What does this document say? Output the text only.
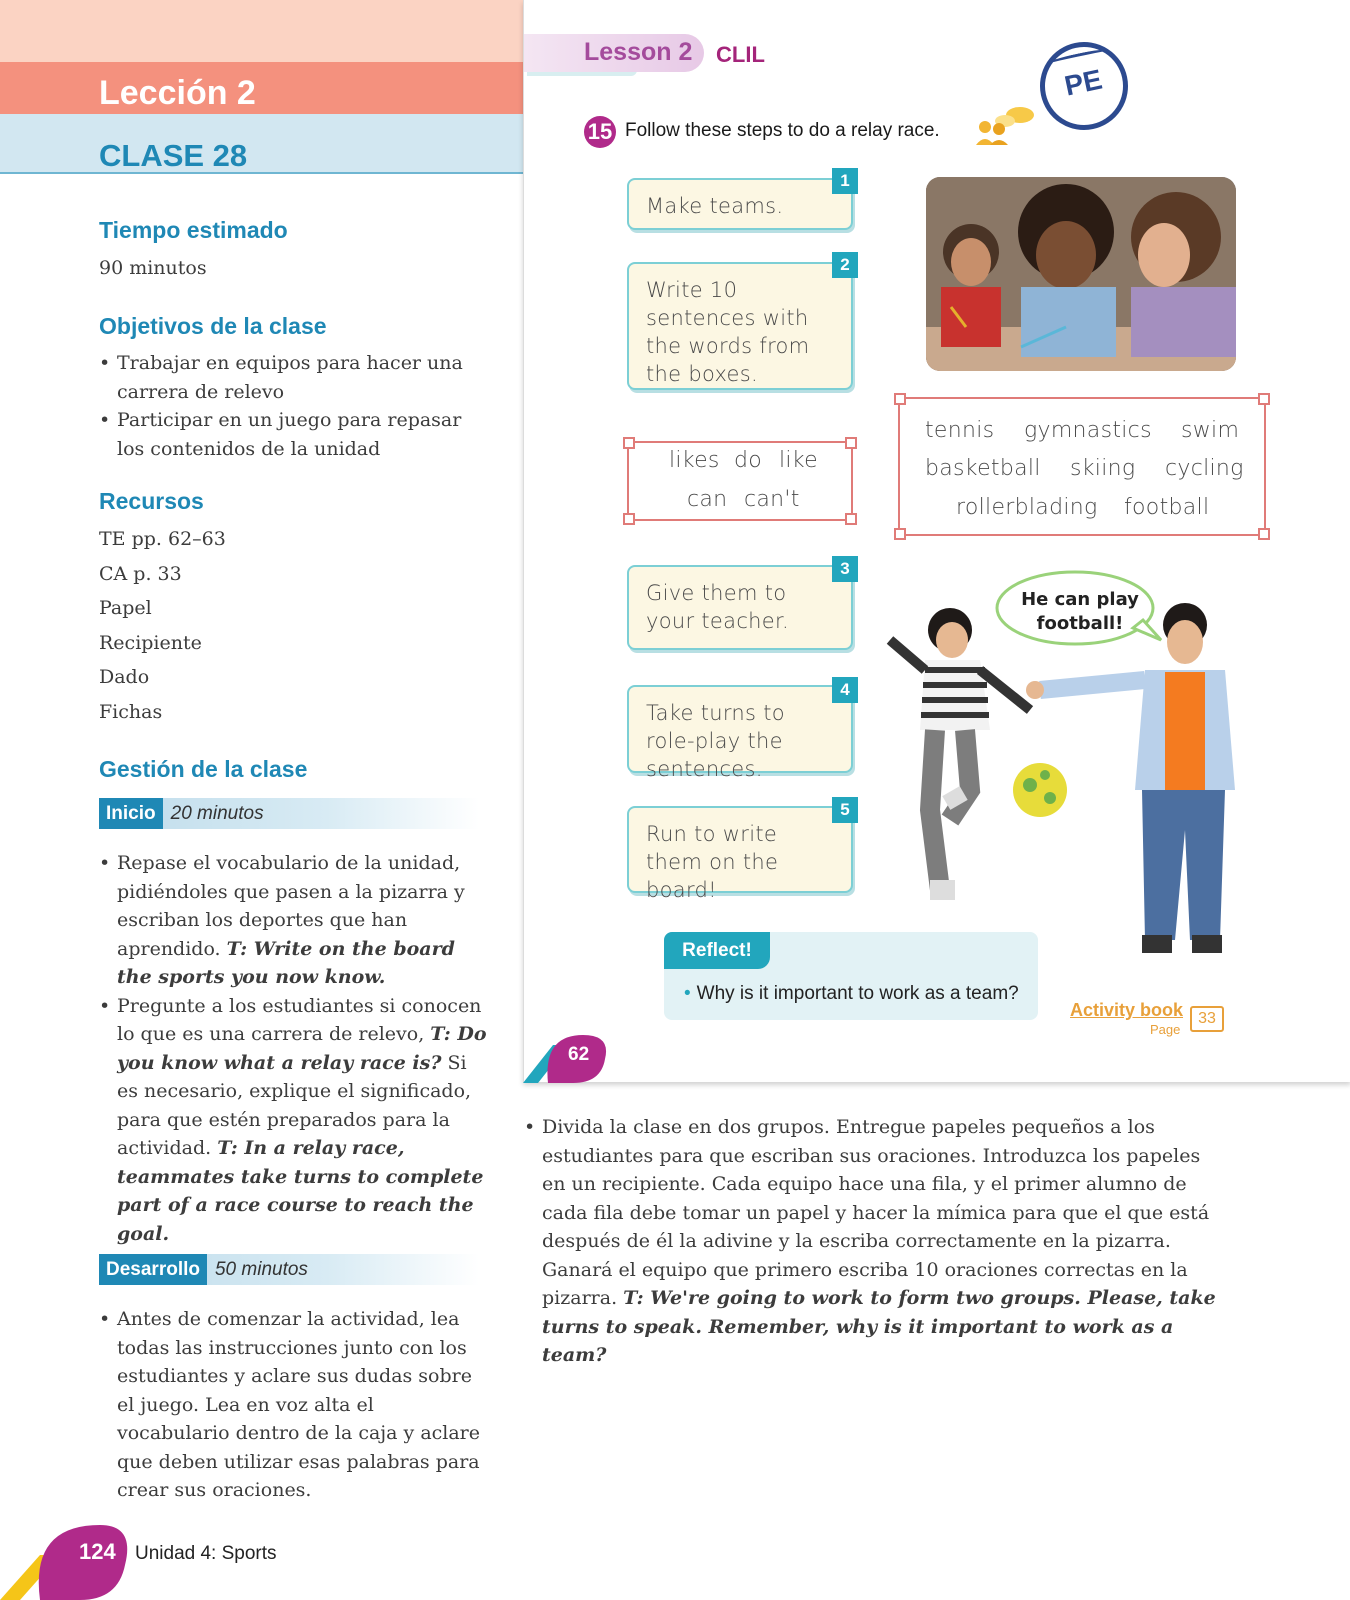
Lección 2
CLASE 28
Tiempo estimado
90 minutos
Objetivos de la clase
• Trabajar en equipos para hacer una carrera de relevo
• Participar en un juego para repasar los contenidos de la unidad
Recursos
TE pp. 62–63
CA p. 33
Papel
Recipiente
Dado
Fichas
Gestión de la clase
Inicio 20 minutos
• Repase el vocabulario de la unidad, pidiéndoles que pasen a la pizarra y escriban los deportes que han aprendido. T: Write on the board the sports you now know.
• Pregunte a los estudiantes si conocen lo que es una carrera de relevo, T: Do you know what a relay race is? Si es necesario, explique el significado, para que estén preparados para la actividad. T: In a relay race, teammates take turns to complete part of a race course to reach the goal.
Desarrollo 50 minutos
• Antes de comenzar la actividad, lea todas las instrucciones junto con los estudiantes y aclare sus dudas sobre el juego. Lea en voz alta el vocabulario dentro de la caja y aclare que deben utilizar esas palabras para crear sus oraciones.
Lesson 2 CLIL
PE
15 Follow these steps to do a relay race.
Make teams.
1
Write 10 sentences with the words from the boxes.
2
Give them to your teacher.
3
Take turns to role-play the sentences.
4
Run to write them on the board!
5
likes do like
can can't
tennis gymnastics swim
basketball skiing cycling
rollerblading football
He can play football!
Reflect!
• Why is it important to work as a team?
Activity book
Page
33
62
• Divida la clase en dos grupos. Entregue papeles pequeños a los estudiantes para que escriban sus oraciones. Introduzca los papeles en un recipiente. Cada equipo hace una fila, y el primer alumno de cada fila debe tomar un papel y hacer la mímica para que el que está después de él la adivine y la escriba correctamente en la pizarra. Ganará el equipo que primero escriba 10 oraciones correctas en la pizarra. T: We're going to work to form two groups. Please, take turns to speak. Remember, why is it important to work as a team?
124 Unidad 4: Sports
